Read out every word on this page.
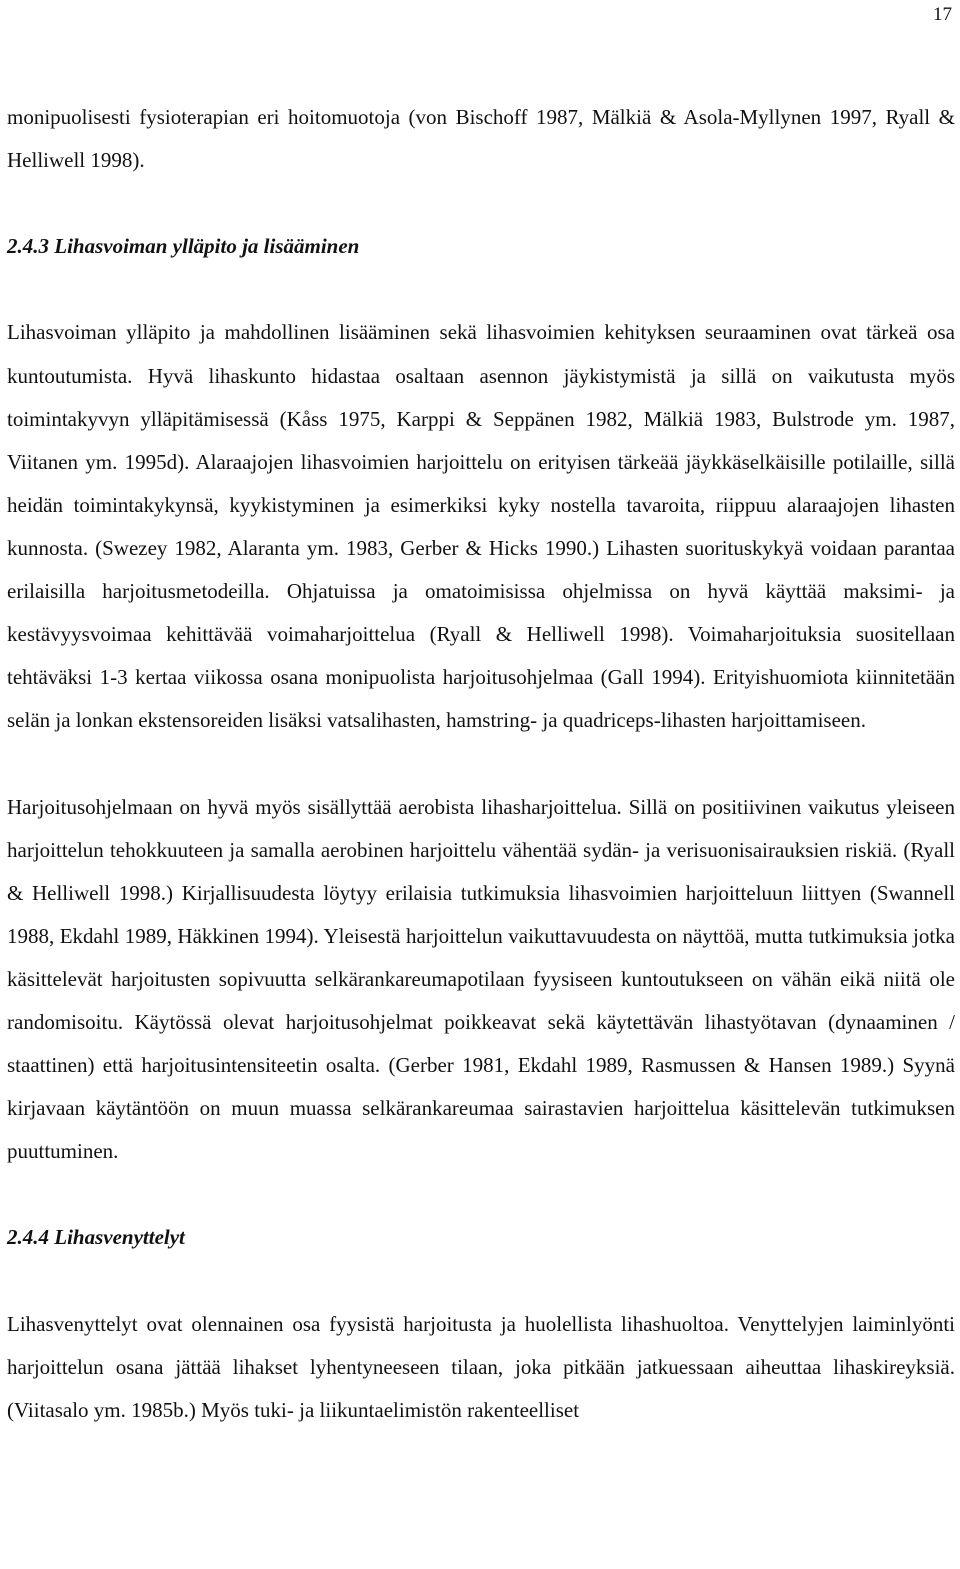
17

monipuolisesti fysioterapian eri hoitomuotoja (von Bischoff 1987, Mälkiä & Asola-Myllynen 1997, Ryall & Helliwell 1998).

2.4.3 Lihasvoiman ylläpito ja lisääminen

Lihasvoiman ylläpito ja mahdollinen lisääminen sekä lihasvoimien kehityksen seuraaminen ovat tärkeä osa kuntoutumista. Hyvä lihaskunto hidastaa osaltaan asennon jäykistymistä ja sillä on vaikutusta myös toimintakyvyn ylläpitämisessä (Kåss 1975, Karppi & Seppänen 1982, Mälkiä 1983, Bulstrode ym. 1987, Viitanen ym. 1995d). Alaraajojen lihasvoimien harjoittelu on erityisen tärkeää jäykkäselkäisille potilaille, sillä heidän toimintakykynsä, kyykistyminen ja esimerkiksi kyky nostella tavaroita, riippuu alaraajojen lihasten kunnosta. (Swezey 1982, Alaranta ym. 1983, Gerber & Hicks 1990.) Lihasten suorituskykyä voidaan parantaa erilaisilla harjoitusmetodeilla. Ohjatuissa ja omatoimisissa ohjelmissa on hyvä käyttää maksimi- ja kestävyysvoimaa kehittävää voimaharjoittelua (Ryall & Helliwell 1998). Voimaharjoituksia suositellaan tehtäväksi 1-3 kertaa viikossa osana monipuolista harjoitusohjelmaa (Gall 1994). Erityishuomiota kiinnitetään selän ja lonkan ekstensoreiden lisäksi vatsalihasten, hamstring- ja quadriceps-lihasten harjoittamiseen.

Harjoitusohjelmaan on hyvä myös sisällyttää aerobista lihasharjoittelua. Sillä on positiivinen vaikutus yleiseen harjoittelun tehokkuuteen ja samalla aerobinen harjoittelu vähentää sydän- ja verisuonisairauksien riskiä. (Ryall & Helliwell 1998.) Kirjallisuudesta löytyy erilaisia tutkimuksia lihasvoimien harjoitteluun liittyen (Swannell 1988, Ekdahl 1989, Häkkinen 1994). Yleisestä harjoittelun vaikuttavuudesta on näyttöä, mutta tutkimuksia jotka käsittelevät harjoitusten sopivuutta selkärankareumapotilaan fyysiseen kuntoutukseen on vähän eikä niitä ole randomisoitu. Käytössä olevat harjoitusohjelmat poikkeavat sekä käytettävän lihastyötavan (dynaaminen / staattinen) että harjoitusintensiteetin osalta. (Gerber 1981, Ekdahl 1989, Rasmussen & Hansen 1989.) Syynä kirjavaan käytäntöön on muun muassa selkärankareumaa sairastavien harjoittelua käsittelevän tutkimuksen puuttuminen.

2.4.4 Lihasvenyttelyt

Lihasvenyttelyt ovat olennainen osa fyysistä harjoitusta ja huolellista lihashuoltoa. Venyttelyjen laiminlyönti harjoittelun osana jättää lihakset lyhentyneeseen tilaan, joka pitkään jatkuessaan aiheuttaa lihaskireyksiä. (Viitasalo ym. 1985b.) Myös tuki- ja liikuntaelimistön rakenteelliset
